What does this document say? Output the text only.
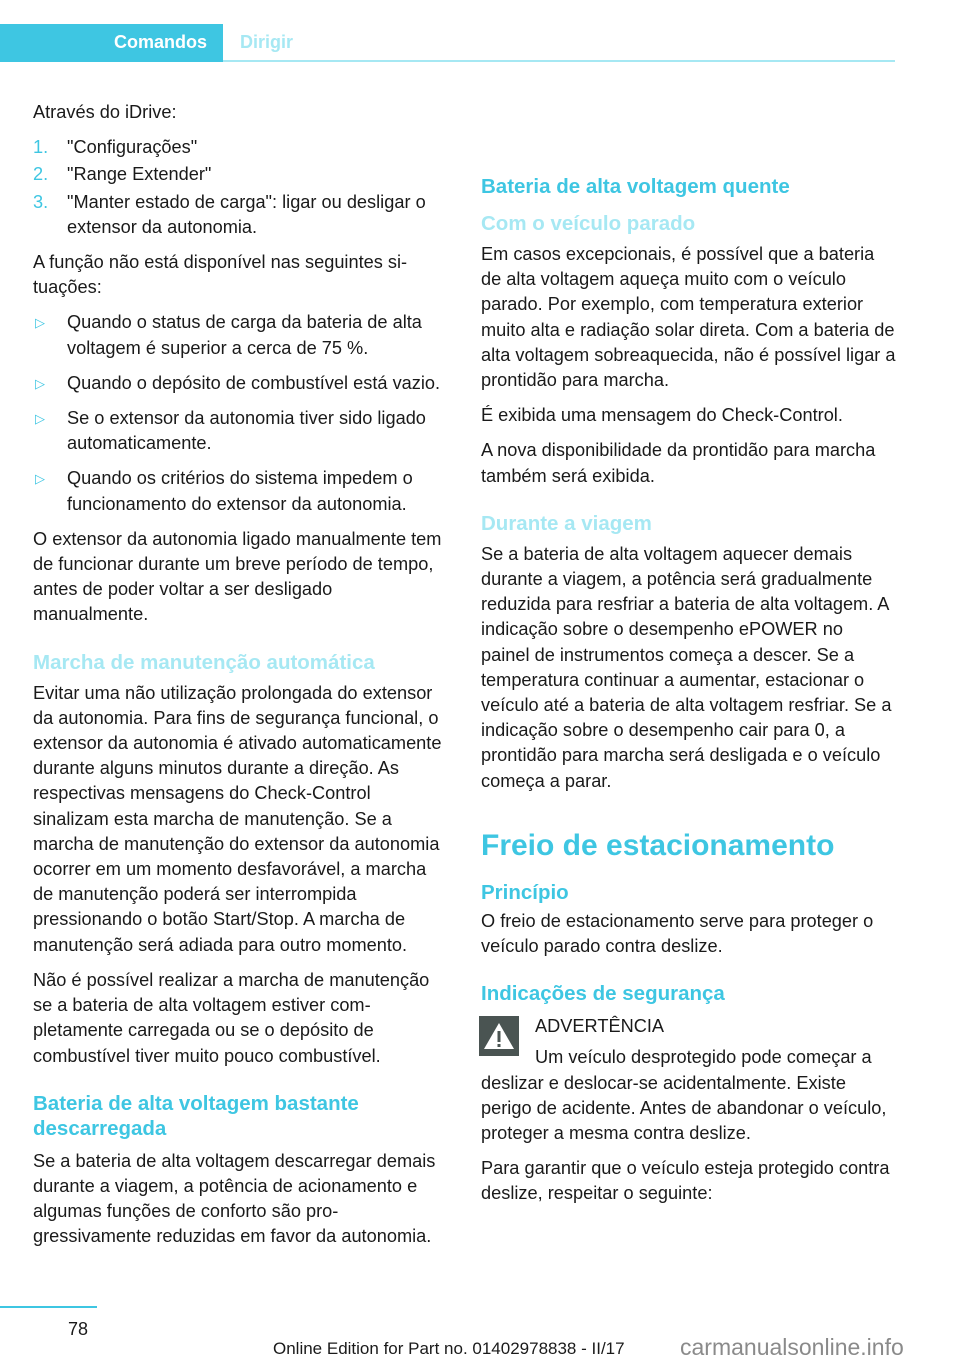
Comandos Dirigir

Através do iDrive:

1. "Configurações"
2. "Range Extender"
3. "Manter estado de carga": ligar ou desligar o extensor da autonomia.

A função não está disponível nas seguintes situações:

▷ Quando o status de carga da bateria de alta voltagem é superior a cerca de 75 %.
▷ Quando o depósito de combustível está vazio.
▷ Se o extensor da autonomia tiver sido ligado automaticamente.
▷ Quando os critérios do sistema impedem o funcionamento do extensor da autonomia.

O extensor da autonomia ligado manualmente tem de funcionar durante um breve período de tempo, antes de poder voltar a ser desligado manualmente.

Marcha de manutenção automática

Evitar uma não utilização prolongada do extensor da autonomia. Para fins de segurança funcional, o extensor da autonomia é ativado automaticamente durante alguns minutos durante a direção. As respectivas mensagens do Check-Control sinalizam esta marcha de manutenção. Se a marcha de manutenção do extensor da autonomia ocorrer em um momento desfavorável, a marcha de manutenção poderá ser interrompida pressionando o botão Start/Stop. A marcha de manutenção será adiada para outro momento.

Não é possível realizar a marcha de manutenção se a bateria de alta voltagem estiver completamente carregada ou se o depósito de combustível tiver muito pouco combustível.

Bateria de alta voltagem bastante descarregada

Se a bateria de alta voltagem descarregar demais durante a viagem, a potência de acionamento e algumas funções de conforto são progressivamente reduzidas em favor da autonomia.

Bateria de alta voltagem quente
Com o veículo parado

Em casos excepcionais, é possível que a bateria de alta voltagem aqueça muito com o veículo parado. Por exemplo, com temperatura exterior muito alta e radiação solar direta. Com a bateria de alta voltagem sobreaquecida, não é possível ligar a prontidão para marcha.

É exibida uma mensagem do Check-Control.

A nova disponibilidade da prontidão para marcha também será exibida.

Durante a viagem

Se a bateria de alta voltagem aquecer demais durante a viagem, a potência será gradualmente reduzida para resfriar a bateria de alta voltagem. A indicação sobre o desempenho ePOWER no painel de instrumentos começa a descer. Se a temperatura continuar a aumentar, estacionar o veículo até a bateria de alta voltagem resfriar. Se a indicação sobre o desempenho cair para 0, a prontidão para marcha será desligada e o veículo começa a parar.

Freio de estacionamento
Princípio

O freio de estacionamento serve para proteger o veículo parado contra deslize.

Indicações de segurança
ADVERTÊNCIA

Um veículo desprotegido pode começar a deslizar e deslocar-se acidentalmente. Existe perigo de acidente. Antes de abandonar o veículo, proteger a mesma contra deslize.

Para garantir que o veículo esteja protegido contra deslize, respeitar o seguinte:

78
Online Edition for Part no. 01402978838 - II/17 carmanualsonline.info
